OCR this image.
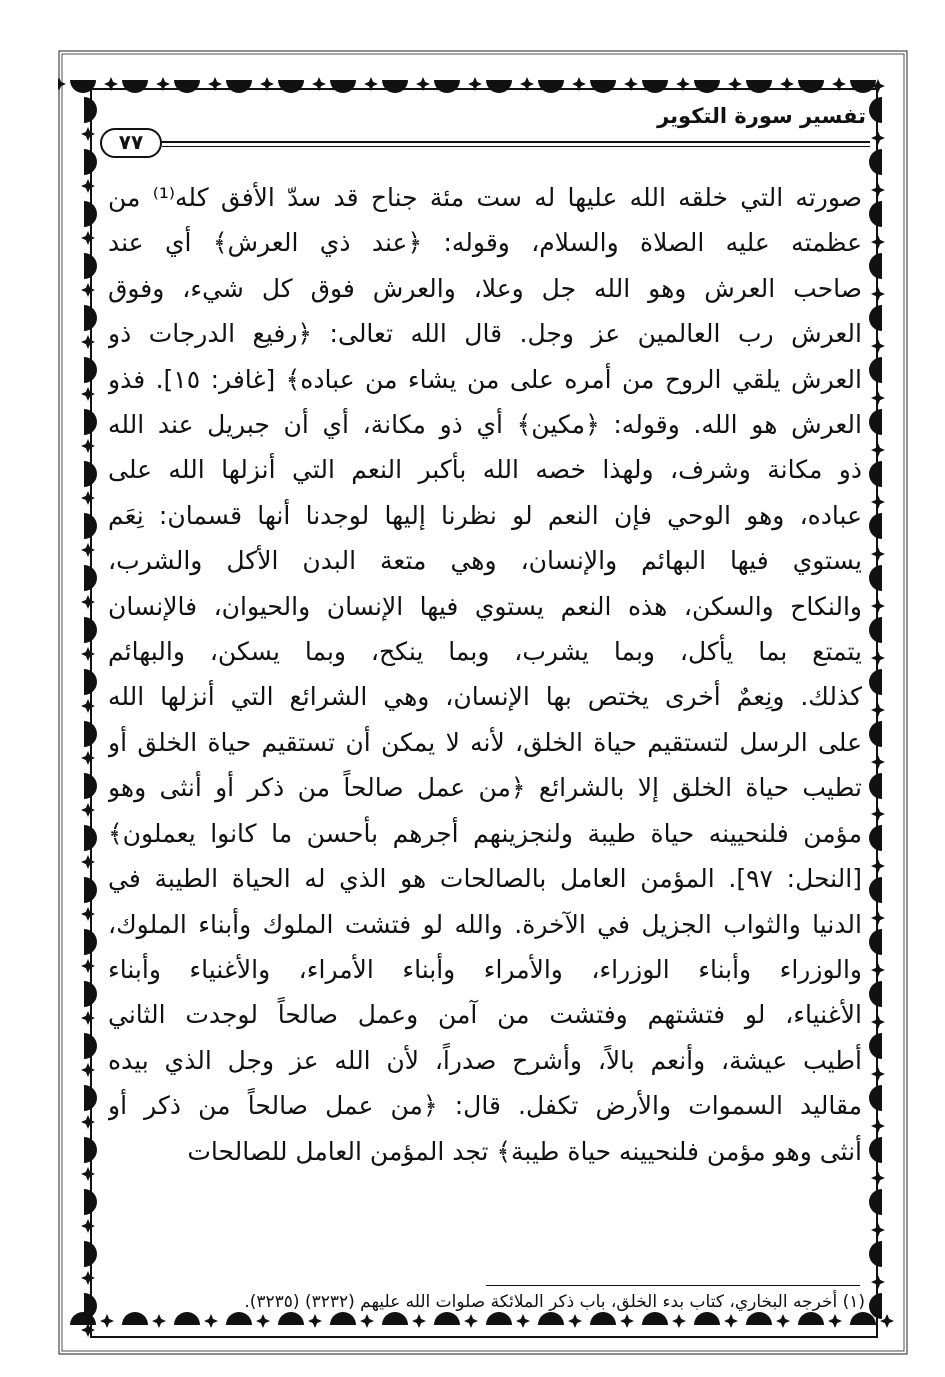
تفسير سورة التكوير
٧٧
صورته التي خلقه الله عليها له ست مئة جناح قد سدّ الأفق كله⁽¹⁾ من
عظمته عليه الصلاة والسلام، وقوله: ﴿عند ذي العرش﴾ أي عند
صاحب العرش وهو الله جل وعلا، والعرش فوق كل شيء، وفوق
العرش رب العالمين عز وجل. قال الله تعالى: ﴿رفيع الدرجات ذو
العرش يلقي الروح من أمره على من يشاء من عباده﴾ [غافر: ١٥]. فذو
العرش هو الله. وقوله: ﴿مكين﴾ أي ذو مكانة، أي أن جبريل عند الله
ذو مكانة وشرف، ولهذا خصه الله بأكبر النعم التي أنزلها الله على
عباده، وهو الوحي فإن النعم لو نظرنا إليها لوجدنا أنها قسمان: نِعَم
يستوي فيها البهائم والإنسان، وهي متعة البدن الأكل والشرب،
والنكاح والسكن، هذه النعم يستوي فيها الإنسان والحيوان، فالإنسان
يتمتع بما يأكل، وبما يشرب، وبما ينكح، وبما يسكن، والبهائم
كذلك. ونِعمٌ أخرى يختص بها الإنسان، وهي الشرائع التي أنزلها الله
على الرسل لتستقيم حياة الخلق، لأنه لا يمكن أن تستقيم حياة الخلق أو
تطيب حياة الخلق إلا بالشرائع ﴿من عمل صالحاً من ذكر أو أنثى وهو
مؤمن فلنحيينه حياة طيبة ولنجزينهم أجرهم بأحسن ما كانوا يعملون﴾
[النحل: ٩٧]. المؤمن العامل بالصالحات هو الذي له الحياة الطيبة في
الدنيا والثواب الجزيل في الآخرة. والله لو فتشت الملوك وأبناء الملوك،
والوزراء وأبناء الوزراء، والأمراء وأبناء الأمراء، والأغنياء وأبناء
الأغنياء، لو فتشتهم وفتشت من آمن وعمل صالحاً لوجدت الثاني
أطيب عيشة، وأنعم بالاً، وأشرح صدراً، لأن الله عز وجل الذي بيده
مقاليد السموات والأرض تكفل. قال: ﴿من عمل صالحاً من ذكر أو
أنثى وهو مؤمن فلنحيينه حياة طيبة﴾ تجد المؤمن العامل للصالحات
(١) أخرجه البخاري، كتاب بدء الخلق، باب ذكر الملائكة صلوات الله عليهم (٣٢٣٢) (٣٢٣٥).
